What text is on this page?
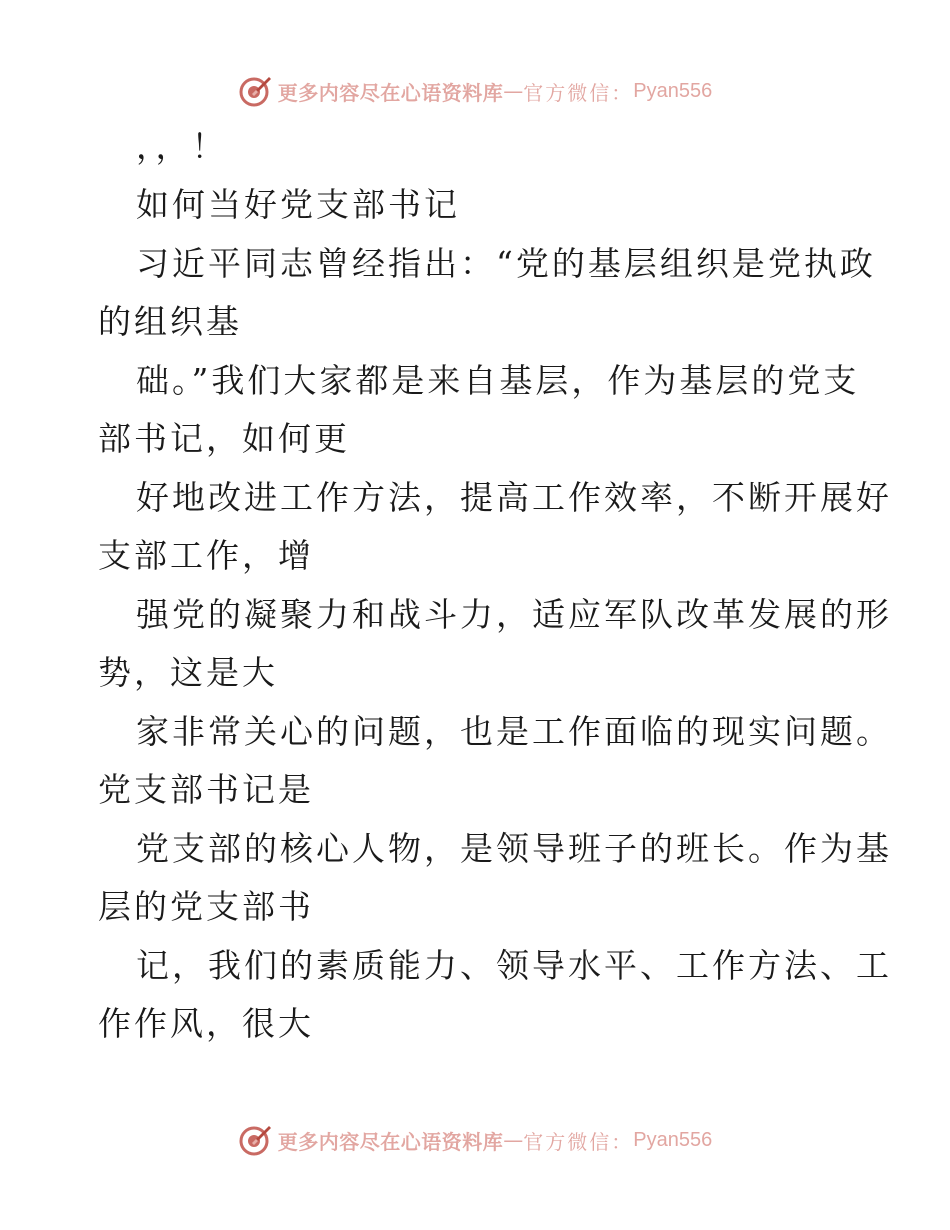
更多内容尽在心语资料库 — 官方微信： Pyan556
，，！
如何当好党支部书记
习近平同志曾经指出：“党的基层组织是党执政
的组织基
础。”我们大家都是来自基层，作为基层的党支
部书记，如何更
好地改进工作方法，提高工作效率，不断开展好
支部工作，增
强党的凝聚力和战斗力，适应军队改革发展的形
势，这是大
家非常关心的问题，也是工作面临的现实问题。
党支部书记是
党支部的核心人物，是领导班子的班长。作为基
层的党支部书
记，我们的素质能力、领导水平、工作方法、工
作作风，很大
更多内容尽在心语资料库 — 官方微信： Pyan556
